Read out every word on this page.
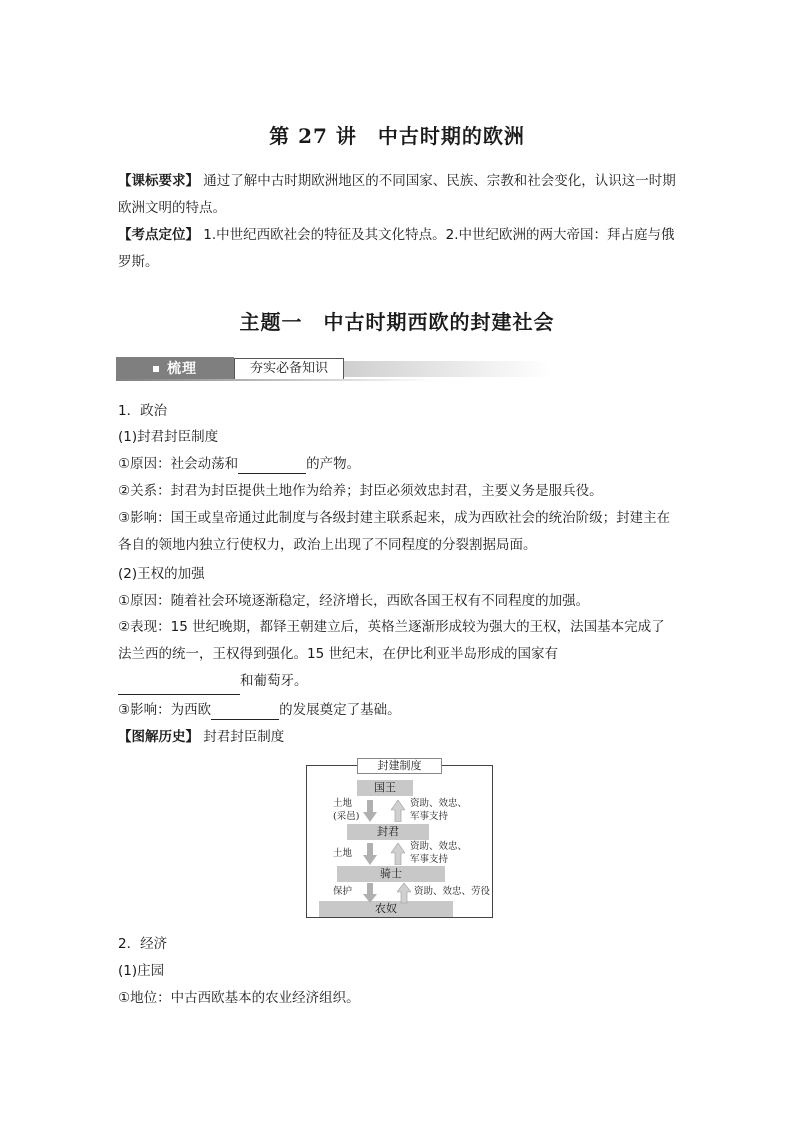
第 27 讲　中古时期的欧洲
【课标要求】 通过了解中古时期欧洲地区的不同国家、民族、宗教和社会变化，认识这一时期欧洲文明的特点。
【考点定位】 1.中世纪西欧社会的特征及其文化特点。2.中世纪欧洲的两大帝国：拜占庭与俄罗斯。
主题一　中古时期西欧的封建社会
梳理	夯实必备知识
1．政治
(1)封君封臣制度
①原因：社会动荡和	的产物。
②关系：封君为封臣提供土地作为给养；封臣必须效忠封君，主要义务是服兵役。
③影响：国王或皇帝通过此制度与各级封建主联系起来，成为西欧社会的统治阶级；封建主在各自的领地内独立行使权力，政治上出现了不同程度的分裂割据局面。
(2)王权的加强
①原因：随着社会环境逐渐稳定，经济增长，西欧各国王权有不同程度的加强。
②表现：15 世纪晚期，都铎王朝建立后，英格兰逐渐形成较为强大的王权，法国基本完成了法兰西的统一，王权得到强化。15 世纪末，在伊比利亚半岛形成的国家有和葡萄牙。
③影响：为西欧	的发展奠定了基础。
【图解历史】 封君封臣制度
封建制度
国王
封君
骑士
农奴
土地
(采邑)
土地
保护
资助、效忠、
军事支持
资助、效忠、
军事支持
资助、效忠、劳役
2．经济
(1)庄园
①地位：中古西欧基本的农业经济组织。
